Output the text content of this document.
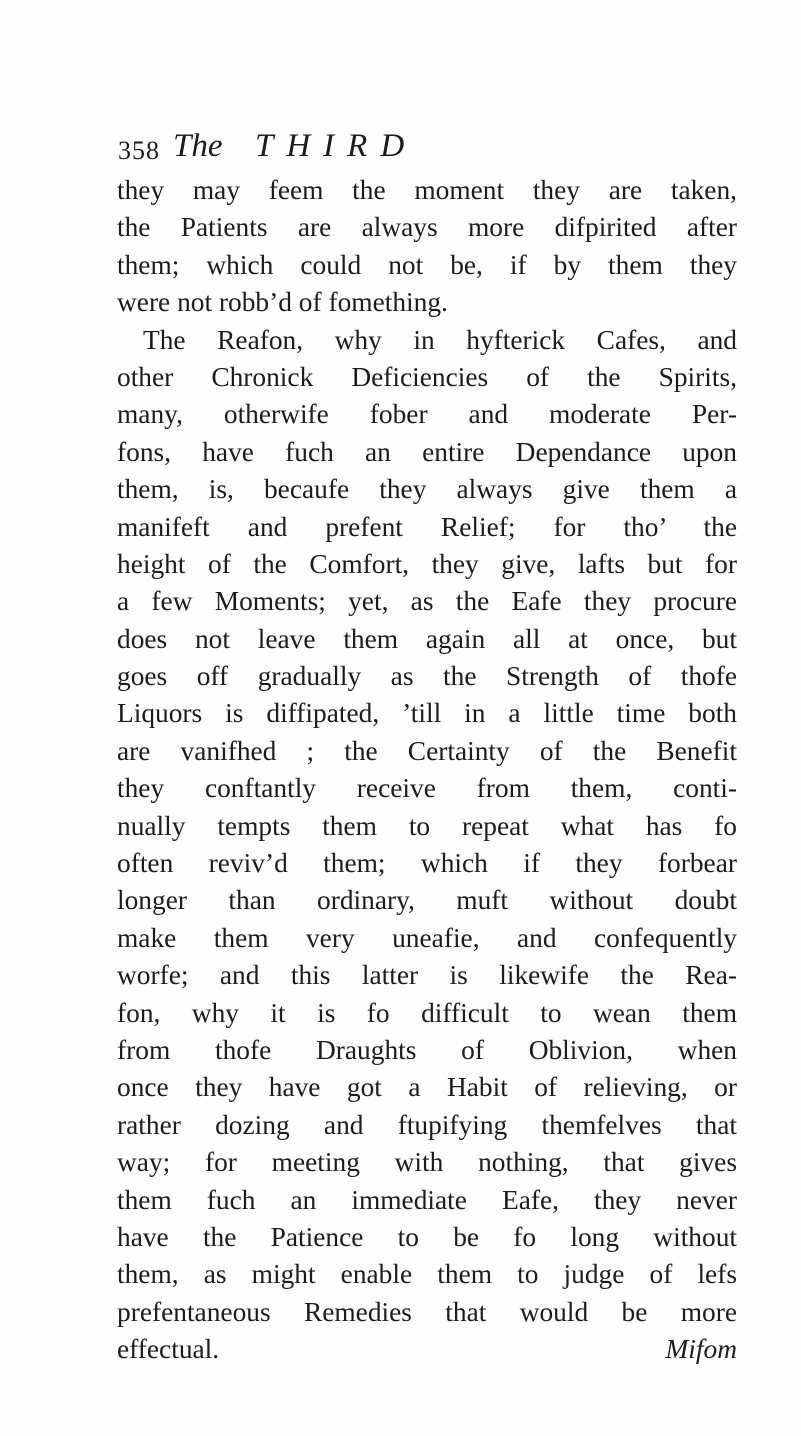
358 The THIRD
they may feem the moment they are taken,
the Patients are always more difpirited after
them; which could not be, if by them they
were not robb’d of fomething.
The Reafon, why in hyfterick Cafes, and
other Chronick Deficiencies of the Spirits,
many, otherwife fober and moderate Per-
fons, have fuch an entire Dependance upon
them, is, becaufe they always give them a
manifeft and prefent Relief; for tho’ the
height of the Comfort, they give, lafts but for
a few Moments; yet, as the Eafe they procure
does not leave them again all at once, but
goes off gradually as the Strength of thofe
Liquors is diffipated, ’till in a little time both
are vanifhed ; the Certainty of the Benefit
they conftantly receive from them, conti-
nually tempts them to repeat what has fo
often reviv’d them; which if they forbear
longer than ordinary, muft without doubt
make them very uneafie, and confequently
worfe; and this latter is likewife the Rea-
fon, why it is fo difficult to wean them
from thofe Draughts of Oblivion, when
once they have got a Habit of relieving, or
rather dozing and ftupifying themfelves that
way; for meeting with nothing, that gives
them fuch an immediate Eafe, they never
have the Patience to be fo long without
them, as might enable them to judge of lefs
prefentaneous Remedies that would be more
effectual.	Mifom
